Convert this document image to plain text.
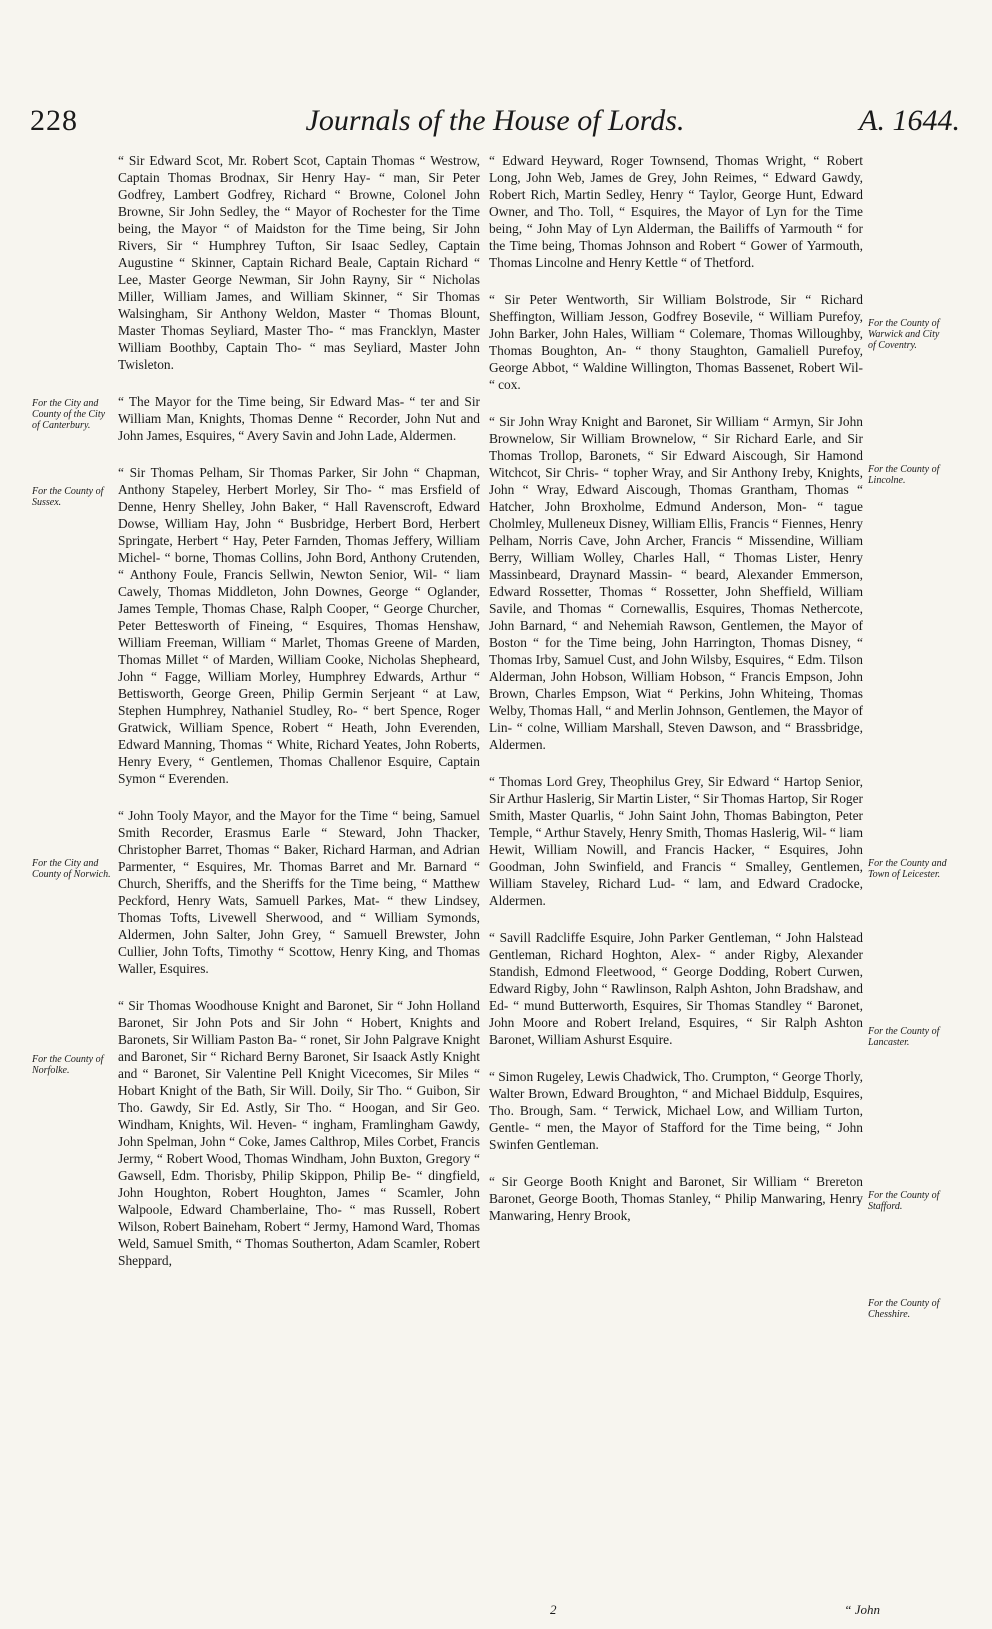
228	Journals of the House of Lords.	A. 1644.

“ Sir Edward Scot, Mr. Robert Scot, Captain Thomas “ Westrow, Captain Thomas Brodnax, Sir Henry Hay- “ man, Sir Peter Godfrey, Lambert Godfrey, Richard “ Browne, Colonel John Browne, Sir John Sedley, the “ Mayor of Rochester for the Time being, the Mayor “ of Maidston for the Time being, Sir John Rivers, Sir “ Humphrey Tufton, Sir Isaac Sedley, Captain Augustine “ Skinner, Captain Richard Beale, Captain Richard “ Lee, Master George Newman, Sir John Rayny, Sir “ Nicholas Miller, William James, and William Skinner, “ Sir Thomas Walsingham, Sir Anthony Weldon, Master “ Thomas Blount, Master Thomas Seyliard, Master Tho- “ mas Francklyn, Master William Boothby, Captain Tho- “ mas Seyliard, Master John Twisleton.

“ The Mayor for the Time being, Sir Edward Mas- “ ter and Sir William Man, Knights, Thomas Denne “ Recorder, John Nut and John James, Esquires, “ Avery Savin and John Lade, Aldermen.

“ Sir Thomas Pelham, Sir Thomas Parker, Sir John “ Chapman, Anthony Stapeley, Herbert Morley, Sir Tho- “ mas Ersfield of Denne, Henry Shelley, John Baker, “ Hall Ravenscroft, Edward Dowse, William Hay, John “ Busbridge, Herbert Bord, Herbert Springate, Herbert “ Hay, Peter Farnden, Thomas Jeffery, William Michel- “ borne, Thomas Collins, John Bord, Anthony Crutenden, “ Anthony Foule, Francis Sellwin, Newton Senior, Wil- “ liam Cawely, Thomas Middleton, John Downes, George “ Oglander, James Temple, Thomas Chase, Ralph Cooper, “ George Churcher, Peter Bettesworth of Fineing, “ Esquires, Thomas Henshaw, William Freeman, William “ Marlet, Thomas Greene of Marden, Thomas Millet “ of Marden, William Cooke, Nicholas Shepheard, John “ Fagge, William Morley, Humphrey Edwards, Arthur “ Bettisworth, George Green, Philip Germin Serjeant “ at Law, Stephen Humphrey, Nathaniel Studley, Ro- “ bert Spence, Roger Gratwick, William Spence, Robert “ Heath, John Everenden, Edward Manning, Thomas “ White, Richard Yeates, John Roberts, Henry Every, “ Gentlemen, Thomas Challenor Esquire, Captain Symon “ Everenden.

“ John Tooly Mayor, and the Mayor for the Time “ being, Samuel Smith Recorder, Erasmus Earle “ Steward, John Thacker, Christopher Barret, Thomas “ Baker, Richard Harman, and Adrian Parmenter, “ Esquires, Mr. Thomas Barret and Mr. Barnard “ Church, Sheriffs, and the Sheriffs for the Time being, “ Matthew Peckford, Henry Wats, Samuell Parkes, Mat- “ thew Lindsey, Thomas Tofts, Livewell Sherwood, and “ William Symonds, Aldermen, John Salter, John Grey, “ Samuell Brewster, John Cullier, John Tofts, Timothy “ Scottow, Henry King, and Thomas Waller, Esquires.

“ Sir Thomas Woodhouse Knight and Baronet, Sir “ John Holland Baronet, Sir John Pots and Sir John “ Hobert, Knights and Baronets, Sir William Paston Ba- “ ronet, Sir John Palgrave Knight and Baronet, Sir “ Richard Berny Baronet, Sir Isaack Astly Knight and “ Baronet, Sir Valentine Pell Knight Vicecomes, Sir Miles “ Hobart Knight of the Bath, Sir Will. Doily, Sir Tho. “ Guibon, Sir Tho. Gawdy, Sir Ed. Astly, Sir Tho. “ Hoogan, and Sir Geo. Windham, Knights, Wil. Heven- “ ingham, Framlingham Gawdy, John Spelman, John “ Coke, James Calthrop, Miles Corbet, Francis Jermy, “ Robert Wood, Thomas Windham, John Buxton, Gregory “ Gawsell, Edm. Thorisby, Philip Skippon, Philip Be- “ dingfield, John Houghton, Robert Houghton, James “ Scamler, John Walpoole, Edward Chamberlaine, Tho- “ mas Russell, Robert Wilson, Robert Baineham, Robert “ Jermy, Hamond Ward, Thomas Weld, Samuel Smith, “ Thomas Southerton, Adam Scamler, Robert Sheppard,

For the City and County of the City of Canterbury.
For the County of Sussex.
For the City and County of Norwich.
For the County of Norfolke.

“ Edward Heyward, Roger Townsend, Thomas Wright, “ Robert Long, John Web, James de Grey, John Reimes, “ Edward Gawdy, Robert Rich, Martin Sedley, Henry “ Taylor, George Hunt, Edward Owner, and Tho. Toll, “ Esquires, the Mayor of Lyn for the Time being, “ John May of Lyn Alderman, the Bailiffs of Yarmouth “ for the Time being, Thomas Johnson and Robert “ Gower of Yarmouth, Thomas Lincolne and Henry Kettle “ of Thetford.

“ Sir Peter Wentworth, Sir William Bolstrode, Sir “ Richard Sheffington, William Jesson, Godfrey Bosevile, “ William Purefoy, John Barker, John Hales, William “ Colemare, Thomas Willoughby, Thomas Boughton, An- “ thony Staughton, Gamaliell Purefoy, George Abbot, “ Waldine Willington, Thomas Bassenet, Robert Wil- “ cox.

“ Sir John Wray Knight and Baronet, Sir William “ Armyn, Sir John Brownelow, Sir William Brownelow, “ Sir Richard Earle, and Sir Thomas Trollop, Baronets, “ Sir Edward Aiscough, Sir Hamond Witchcot, Sir Chris- “ topher Wray, and Sir Anthony Ireby, Knights, John “ Wray, Edward Aiscough, Thomas Grantham, Thomas “ Hatcher, John Broxholme, Edmund Anderson, Mon- “ tague Cholmley, Mulleneux Disney, William Ellis, Francis “ Fiennes, Henry Pelham, Norris Cave, John Archer, Francis “ Missendine, William Berry, William Wolley, Charles Hall, “ Thomas Lister, Henry Massinbeard, Draynard Massin- “ beard, Alexander Emmerson, Edward Rossetter, Thomas “ Rossetter, John Sheffield, William Savile, and Thomas “ Cornewallis, Esquires, Thomas Nethercote, John Barnard, “ and Nehemiah Rawson, Gentlemen, the Mayor of Boston “ for the Time being, John Harrington, Thomas Disney, “ Thomas Irby, Samuel Cust, and John Wilsby, Esquires, “ Edm. Tilson Alderman, John Hobson, William Hobson, “ Francis Empson, John Brown, Charles Empson, Wiat “ Perkins, John Whiteing, Thomas Welby, Thomas Hall, “ and Merlin Johnson, Gentlemen, the Mayor of Lin- “ colne, William Marshall, Steven Dawson, and “ Brassbridge, Aldermen.

“ Thomas Lord Grey, Theophilus Grey, Sir Edward “ Hartop Senior, Sir Arthur Haslerig, Sir Martin Lister, “ Sir Thomas Hartop, Sir Roger Smith, Master Quarlis, “ John Saint John, Thomas Babington, Peter Temple, “ Arthur Stavely, Henry Smith, Thomas Haslerig, Wil- “ liam Hewit, William Nowill, and Francis Hacker, “ Esquires, John Goodman, John Swinfield, and Francis “ Smalley, Gentlemen, William Staveley, Richard Lud- “ lam, and Edward Cradocke, Aldermen.

“ Savill Radcliffe Esquire, John Parker Gentleman, “ John Halstead Gentleman, Richard Hoghton, Alex- “ ander Rigby, Alexander Standish, Edmond Fleetwood, “ George Dodding, Robert Curwen, Edward Rigby, John “ Rawlinson, Ralph Ashton, John Bradshaw, and Ed- “ mund Butterworth, Esquires, Sir Thomas Standley “ Baronet, John Moore and Robert Ireland, Esquires, “ Sir Ralph Ashton Baronet, William Ashurst Esquire.

“ Simon Rugeley, Lewis Chadwick, Tho. Crumpton, “ George Thorly, Walter Brown, Edward Broughton, “ and Michael Biddulp, Esquires, Tho. Brough, Sam. “ Terwick, Michael Low, and William Turton, Gentle- “ men, the Mayor of Stafford for the Time being, “ John Swinfen Gentleman.

“ Sir George Booth Knight and Baronet, Sir William “ Brereton Baronet, George Booth, Thomas Stanley, “ Philip Manwaring, Henry Manwaring, Henry Brook,

For the County of Warwick and City of Coventry.
For the County of Lincolne.
For the County and Town of Leicester.
For the County of Lancaster.
For the County of Stafford.
For the County of Chesshire.
2	“ John
